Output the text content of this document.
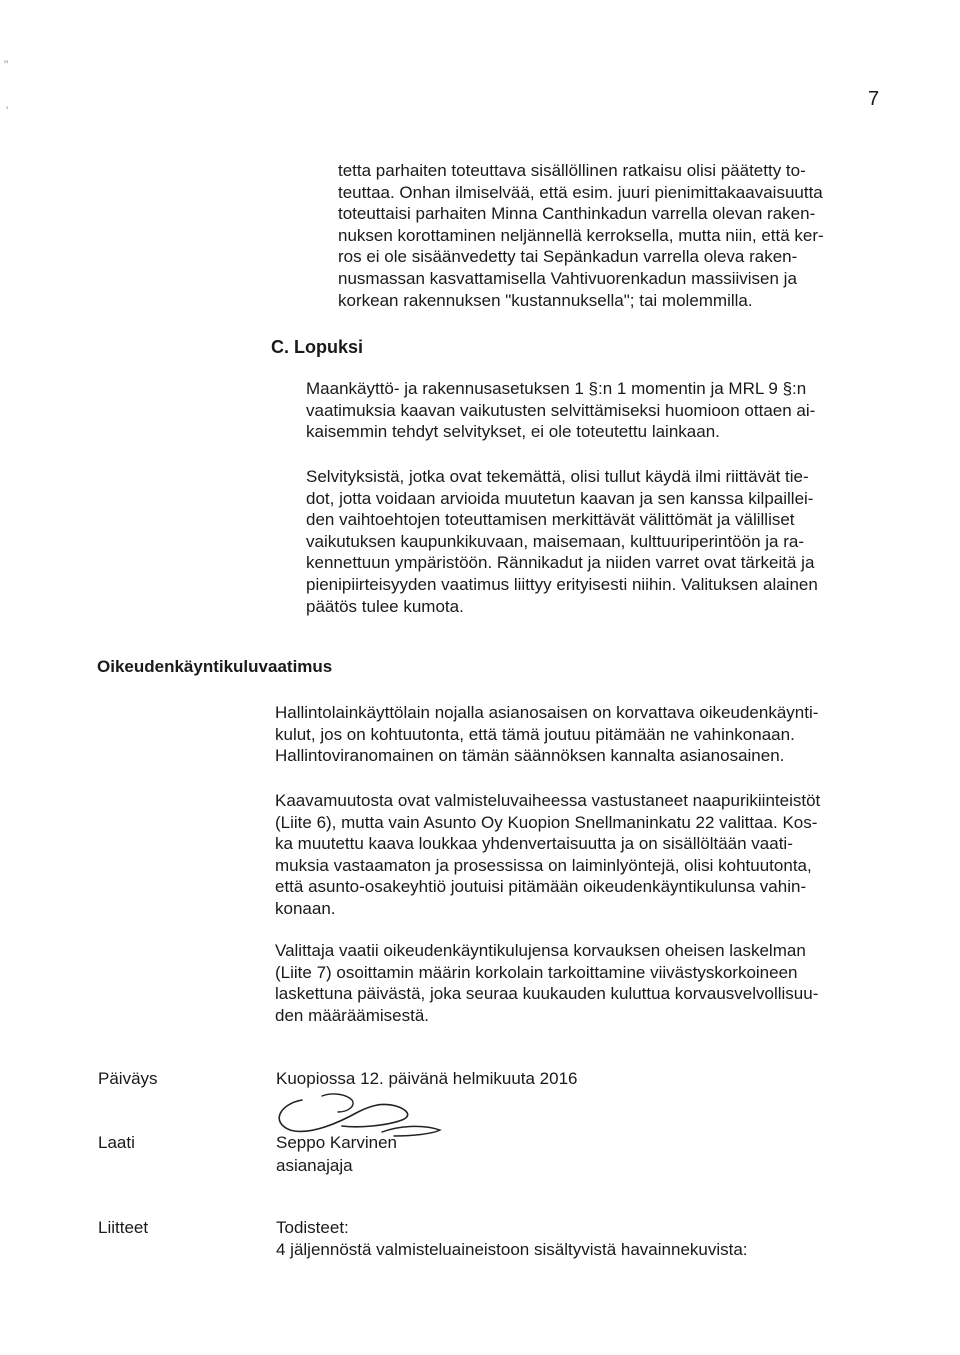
"
'
7

tetta parhaiten toteuttava sisällöllinen ratkaisu olisi päätetty to-
teuttaa. Onhan ilmiselvää, että esim. juuri pienimittakaavaisuutta
toteuttaisi parhaiten Minna Canthinkadun varrella olevan raken-
nuksen korottaminen neljännellä kerroksella, mutta niin, että ker-
ros ei ole sisäänvedetty tai Sepänkadun varrella oleva raken-
nusmassan kasvattamisella Vahtivuorenkadun massiivisen ja
korkean rakennuksen "kustannuksella"; tai molemmilla.

C. Lopuksi

Maankäyttö- ja rakennusasetuksen 1 §:n 1 momentin ja MRL 9 §:n
vaatimuksia kaavan vaikutusten selvittämiseksi huomioon ottaen ai-
kaisemmin tehdyt selvitykset, ei ole toteutettu lainkaan.

Selvityksistä, jotka ovat tekemättä, olisi tullut käydä ilmi riittävät tie-
dot, jotta voidaan arvioida muutetun kaavan ja sen kanssa kilpaillei-
den vaihtoehtojen toteuttamisen merkittävät välittömät ja välilliset
vaikutuksen kaupunkikuvaan, maisemaan, kulttuuriperintöön ja ra-
kennettuun ympäristöön. Rännikadut ja niiden varret ovat tärkeitä ja
pienipiirteisyyden vaatimus liittyy erityisesti niihin. Valituksen alainen
päätös tulee kumota.

Oikeudenkäyntikuluvaatimus

Hallintolainkäyttölain nojalla asianosaisen on korvattava oikeudenkäynti-
kulut, jos on kohtuutonta, että tämä joutuu pitämään ne vahinkonaan.
Hallintoviranomainen on tämän säännöksen kannalta asianosainen.

Kaavamuutosta ovat valmisteluvaiheessa vastustaneet naapurikiinteistöt
(Liite 6), mutta vain Asunto Oy Kuopion Snellmaninkatu 22 valittaa. Kos-
ka muutettu kaava loukkaa yhdenvertaisuutta ja on sisällöltään vaati-
muksia vastaamaton ja prosessissa on laiminlyöntejä, olisi kohtuutonta,
että asunto-osakeyhtiö joutuisi pitämään oikeudenkäyntikulunsa vahin-
konaan.

Valittaja vaatii oikeudenkäyntikulujensa korvauksen oheisen laskelman
(Liite 7) osoittamin määrin korkolain tarkoittamine viivästyskorkoineen
laskettuna päivästä, joka seuraa kuukauden kuluttua korvausvelvollisuu-
den määräämisestä.

Päiväys	Kuopiossa 12. päivänä helmikuuta 2016
Laati	Seppo Karvinen
asianajaja
Liitteet	Todisteet:
4 jäljennöstä valmisteluaineistoon sisältyvistä havainnekuvista:
